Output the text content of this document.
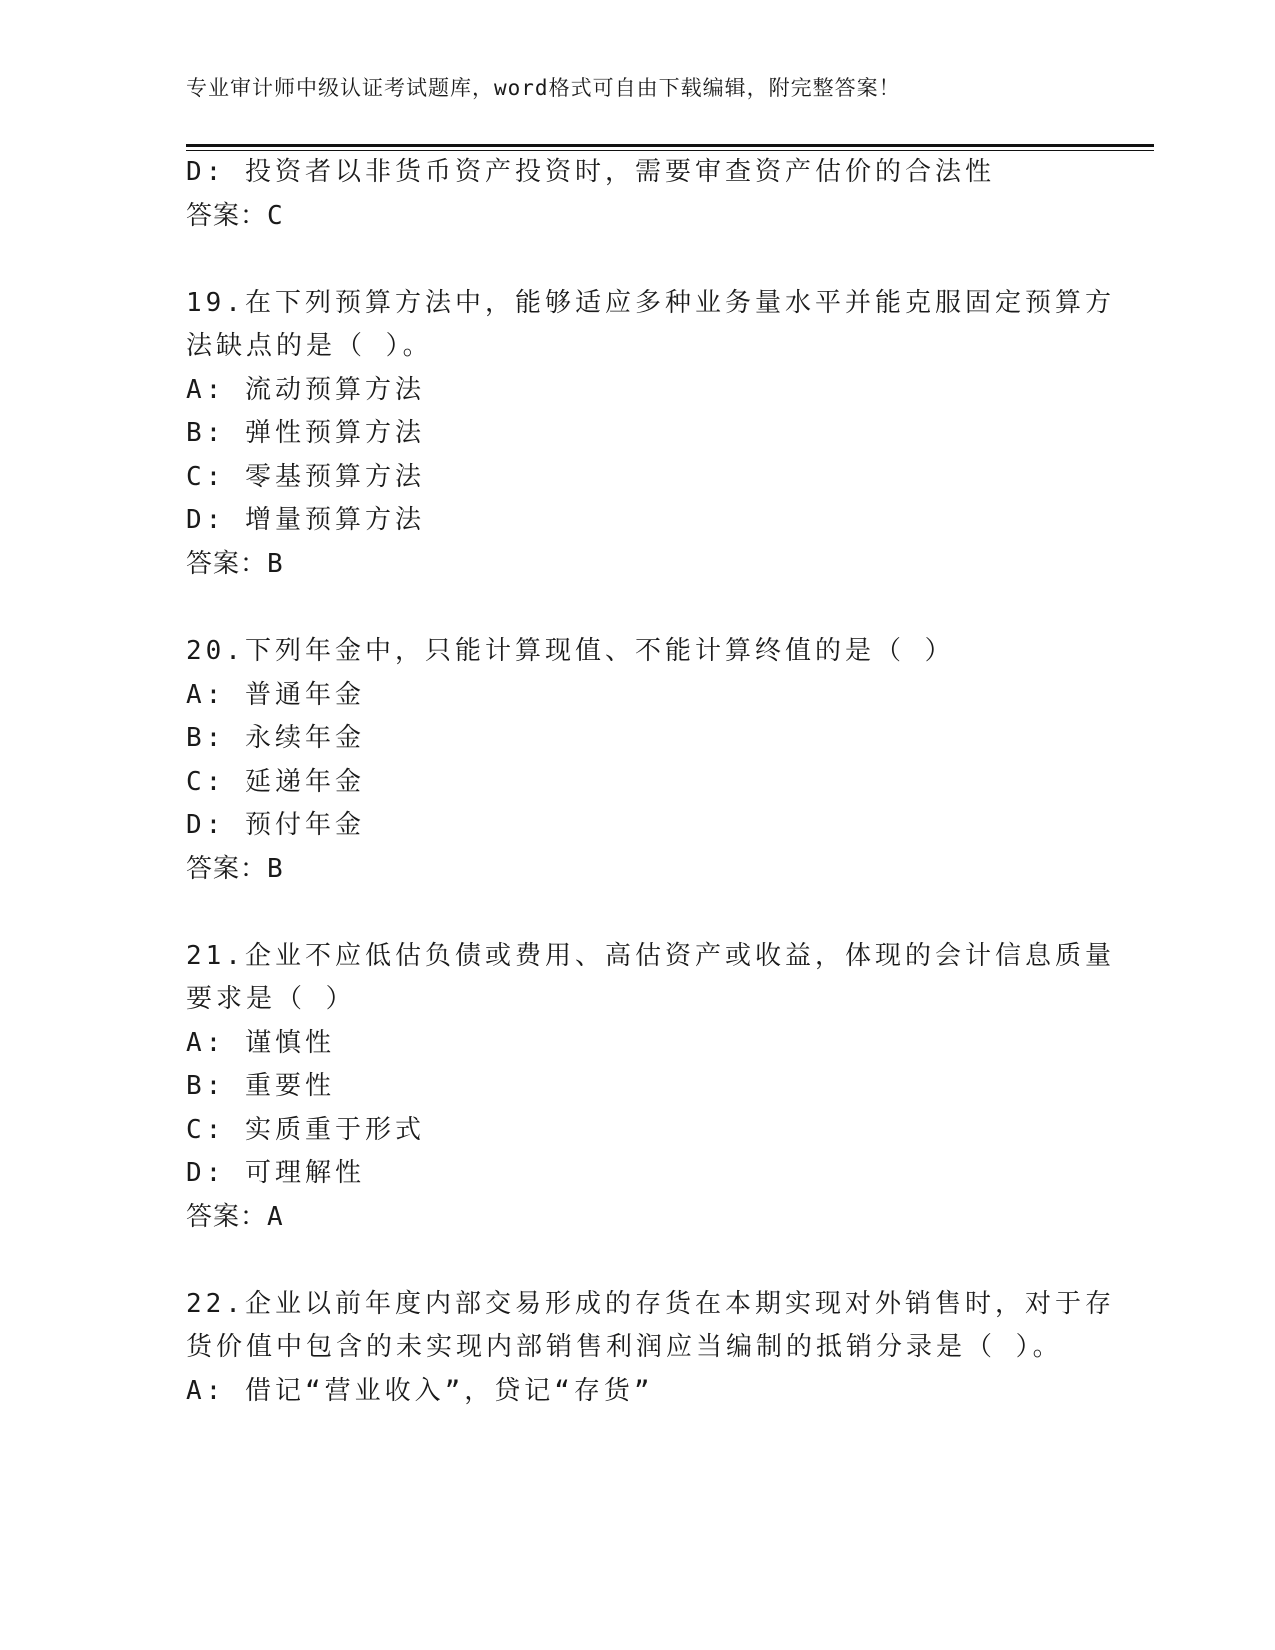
专业审计师中级认证考试题库，word格式可自由下载编辑，附完整答案！
D: 投资者以非货币资产投资时，需要审查资产估价的合法性
答案：C
19.在下列预算方法中，能够适应多种业务量水平并能克服固定预算方
法缺点的是（ ）。
A: 流动预算方法
B: 弹性预算方法
C: 零基预算方法
D: 增量预算方法
答案：B
20.下列年金中，只能计算现值、不能计算终值的是（ ）
A: 普通年金
B: 永续年金
C: 延递年金
D: 预付年金
答案：B
21.企业不应低估负债或费用、高估资产或收益，体现的会计信息质量
要求是（ ）
A: 谨慎性
B: 重要性
C: 实质重于形式
D: 可理解性
答案：A
22.企业以前年度内部交易形成的存货在本期实现对外销售时，对于存
货价值中包含的未实现内部销售利润应当编制的抵销分录是（ ）。
A: 借记“营业收入”，贷记“存货”
